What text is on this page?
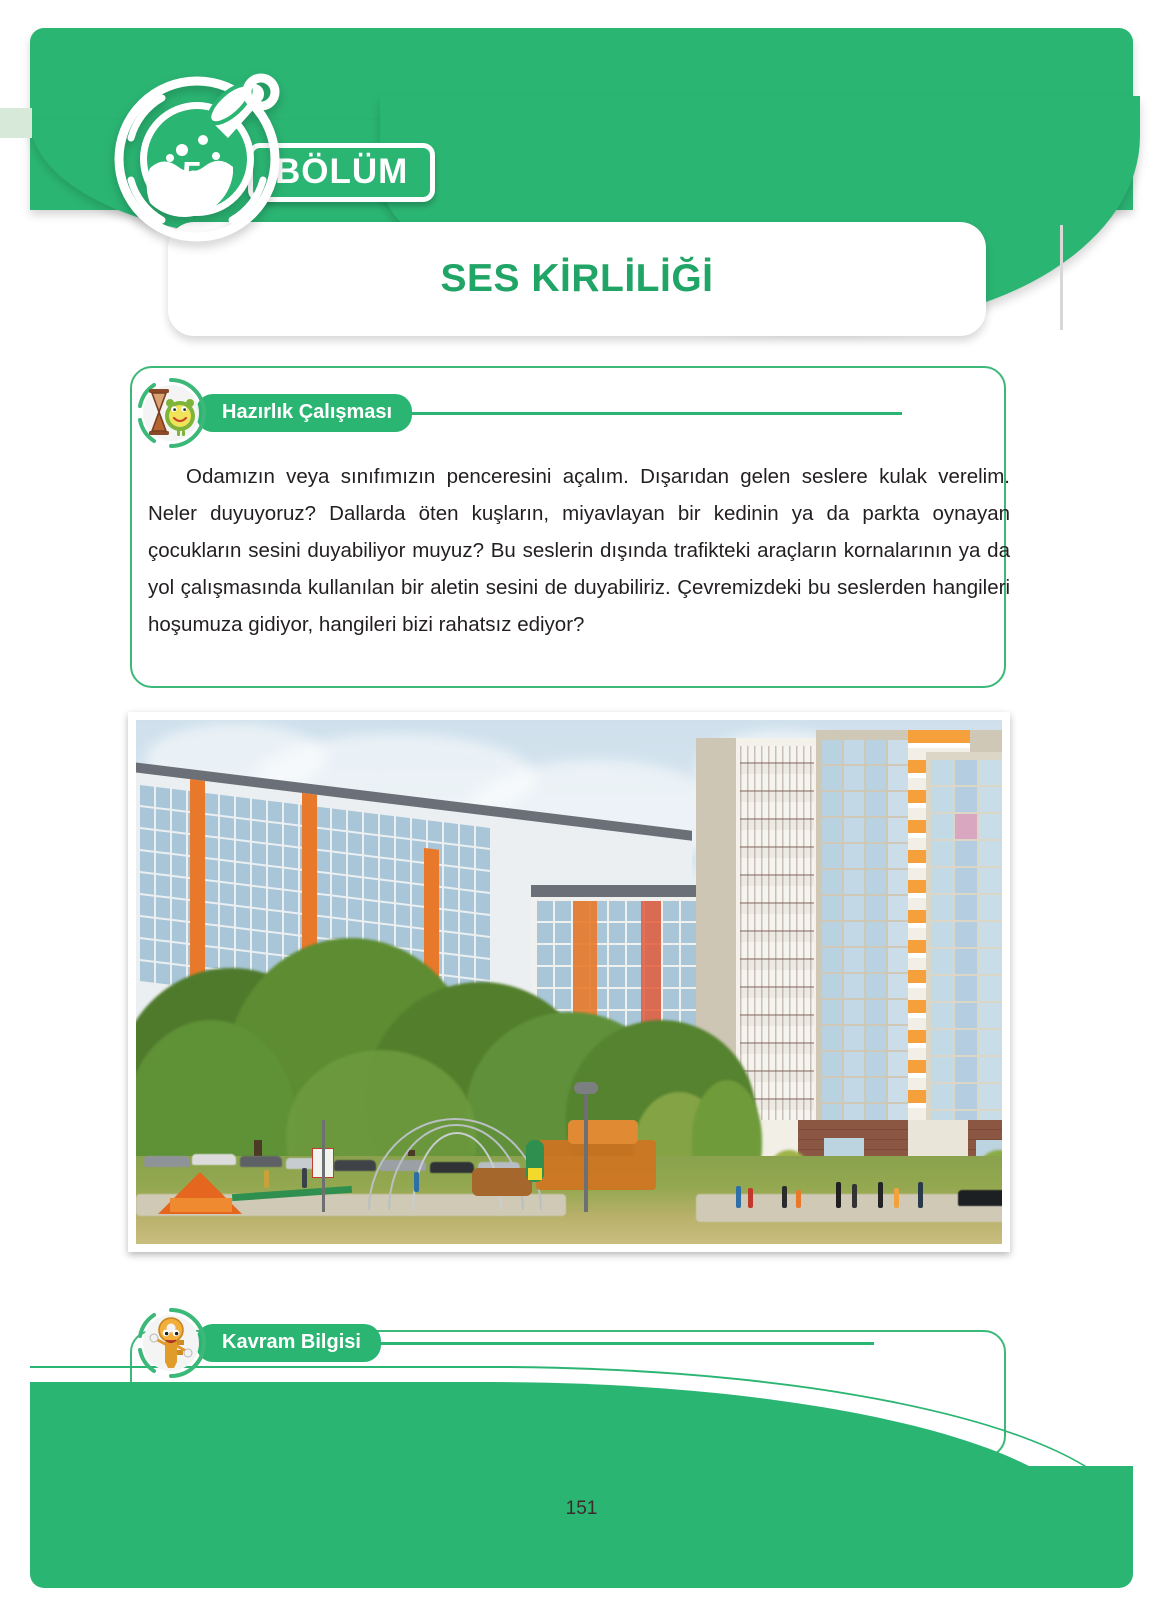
5.	BÖLÜM
SES KİRLİLİĞİ
Hazırlık Çalışması
Odamızın veya sınıfımızın penceresini açalım. Dışarıdan gelen seslere kulak verelim. Neler duyuyoruz? Dallarda öten kuşların, miyavlayan bir kedinin ya da parkta oynayan çocukların sesini duyabiliyor muyuz? Bu seslerin dışında trafikteki araçların kornalarının ya da yol çalışmasında kullanılan bir aletin sesini de duyabiliriz. Çevremizdeki bu seslerden hangileri hoşumuza gidiyor, hangileri bizi rahatsız ediyor?
Kavram Bilgisi
151
